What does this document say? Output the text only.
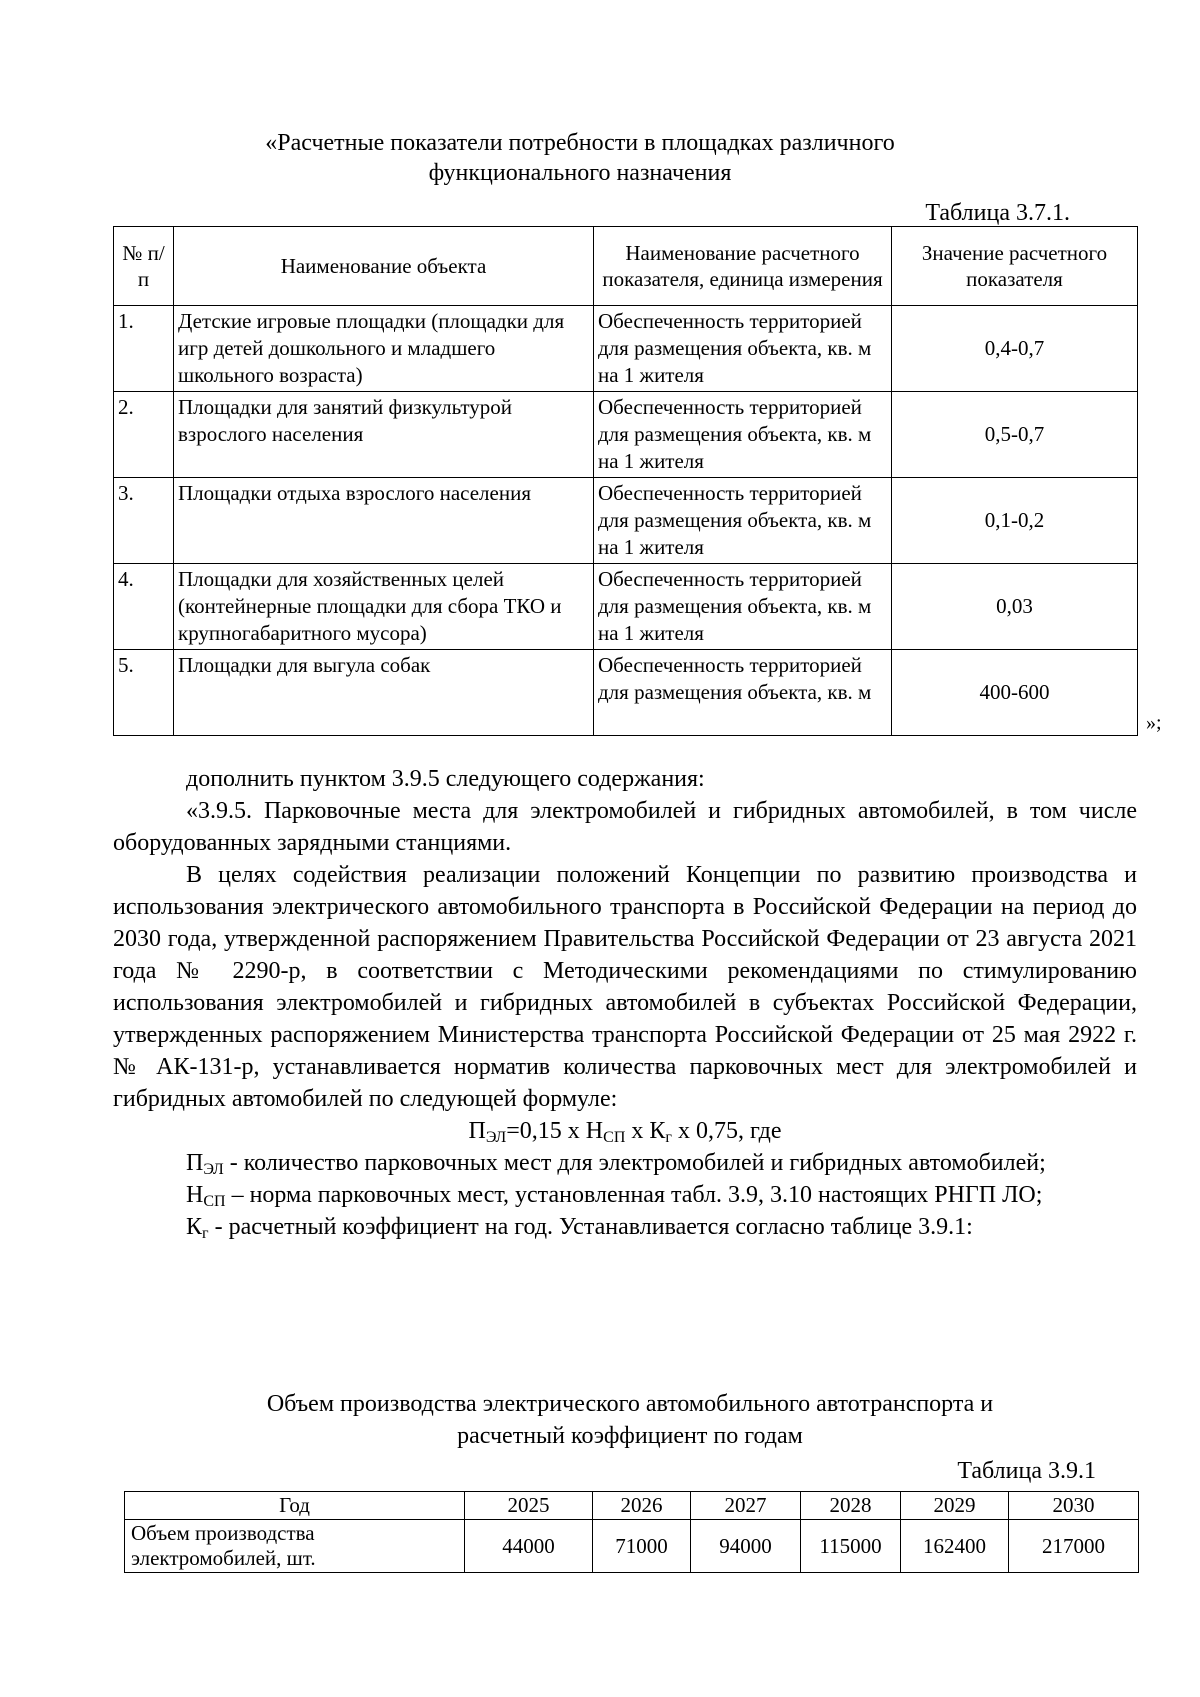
«Расчетные показатели потребности в площадках различного
функционального назначения
Таблица 3.7.1.
№ п/п	Наименование объекта	Наименование расчетного показателя, единица измерения	Значение расчетного показателя
1.	Детские игровые площадки (площадки для игр детей дошкольного и младшего школьного возраста)	Обеспеченность территорией для размещения объекта, кв. м на 1 жителя	0,4-0,7
2.	Площадки для занятий физкультурой взрослого населения	Обеспеченность территорией для размещения объекта, кв. м на 1 жителя	0,5-0,7
3.	Площадки отдыха взрослого населения	Обеспеченность территорией для размещения объекта, кв. м на 1 жителя	0,1-0,2
4.	Площадки для хозяйственных целей (контейнерные площадки для сбора ТКО и крупногабаритного мусора)	Обеспеченность территорией для размещения объекта, кв. м на 1 жителя	0,03
5.	Площадки для выгула собак	Обеспеченность территорией для размещения объекта, кв. м	400-600
»;

дополнить пунктом 3.9.5 следующего содержания:

«3.9.5. Парковочные места для электромобилей и гибридных автомобилей, в том числе оборудованных зарядными станциями.

В целях содействия реализации положений Концепции по развитию производства и использования электрического автомобильного транспорта в Российской Федерации на период до 2030 года, утвержденной распоряжением Правительства Российской Федерации от 23 августа 2021 года № 2290-р, в соответствии с Методическими рекомендациями по стимулированию использования электромобилей и гибридных автомобилей в субъектах Российской Федерации, утвержденных распоряжением Министерства транспорта Российской Федерации от 25 мая 2922 г. № АК-131-р, устанавливается норматив количества парковочных мест для электромобилей и гибридных автомобилей по следующей формуле:

$П_{ЭЛ}=0,15$ х $Н_{СП}$ х $К_г$ х 0,75, где

$П_{ЭЛ}$ - количество парковочных мест для электромобилей и гибридных автомобилей;

$Н_{СП}$ – норма парковочных мест, установленная табл. 3.9, 3.10 настоящих РНГП ЛО;

$К_г$ - расчетный коэффициент на год. Устанавливается согласно таблице 3.9.1:

Объем производства электрического автомобильного автотранспорта и
расчетный коэффициент по годам
Таблица 3.9.1
Год	2025	2026	2027	2028	2029	2030
Объем производства электромобилей, шт.	44000	71000	94000	115000	162400	217000
